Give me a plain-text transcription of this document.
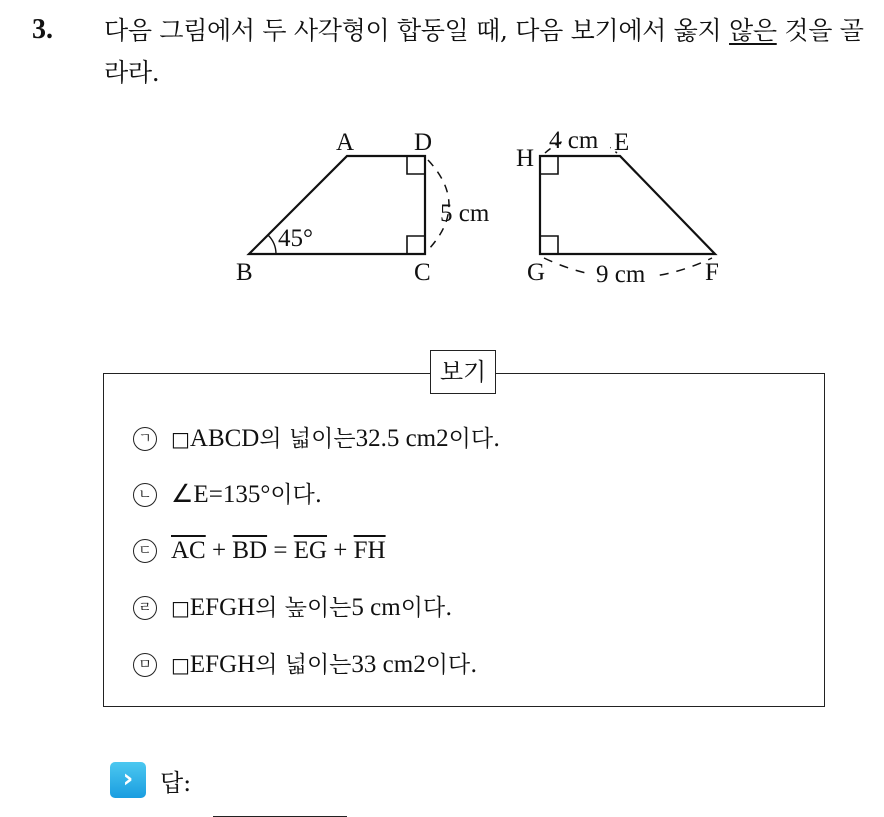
3. 다음 그림에서 두 사각형이 합동일 때, 다음 보기에서 옳지 않은 것을 골라라.
A D
B	C
45°
5 cm
H
E
G	F
4 cm
9 cm
보기
ㄱ □ ABCD 의 넓이는 32.5 cm 2 이다.
ㄴ ∠ E = 135° 이다.
ㄷ $\overline{AC} + \overline{BD} = \overline{EG} + \overline{FH}$
ㄹ □ EFGH 의 높이는 5 cm 이다.
ㅁ □ EFGH 의 넓이는 33 cm 2 이다.
›	답:
